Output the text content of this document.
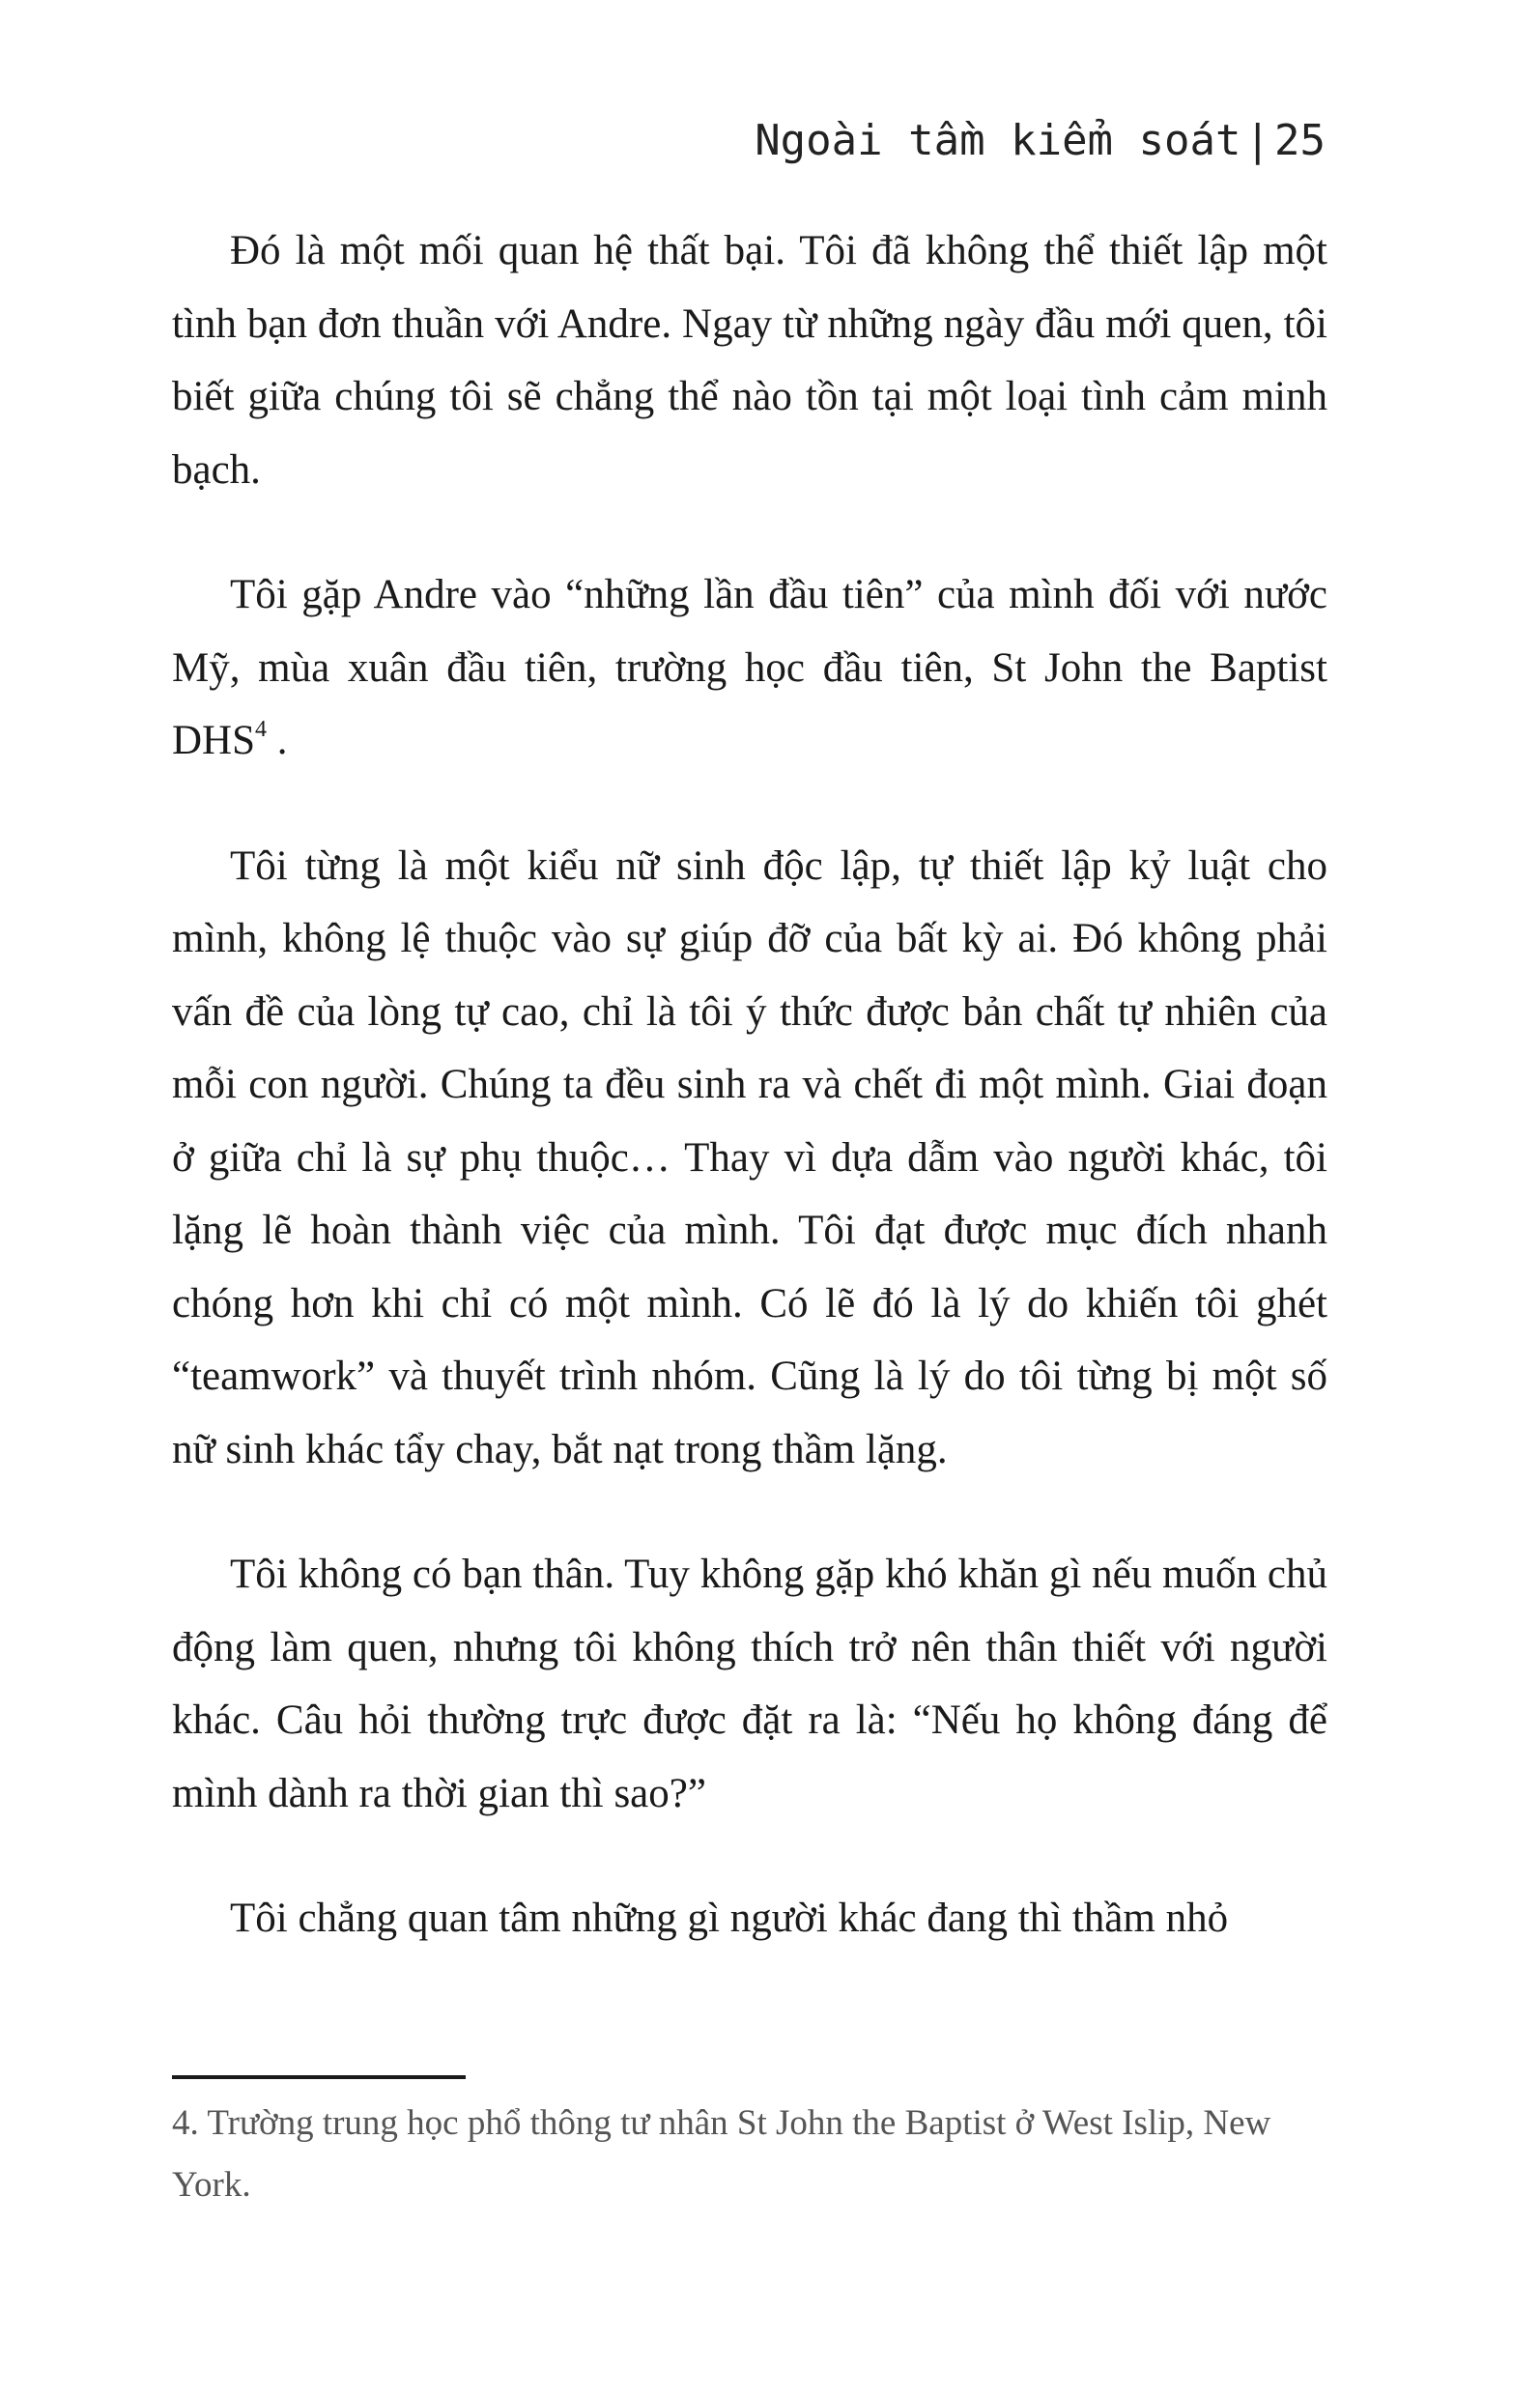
Ngoài tầm kiểm soát|25

Đó là một mối quan hệ thất bại. Tôi đã không thể thiết lập một tình bạn đơn thuần với Andre. Ngay từ những ngày đầu mới quen, tôi biết giữa chúng tôi sẽ chẳng thể nào tồn tại một loại tình cảm minh bạch.

Tôi gặp Andre vào “những lần đầu tiên” của mình đối với nước Mỹ, mùa xuân đầu tiên, trường học đầu tiên, St John the Baptist DHS$^4$ .

Tôi từng là một kiểu nữ sinh độc lập, tự thiết lập kỷ luật cho mình, không lệ thuộc vào sự giúp đỡ của bất kỳ ai. Đó không phải vấn đề của lòng tự cao, chỉ là tôi ý thức được bản chất tự nhiên của mỗi con người. Chúng ta đều sinh ra và chết đi một mình. Giai đoạn ở giữa chỉ là sự phụ thuộc… Thay vì dựa dẫm vào người khác, tôi lặng lẽ hoàn thành việc của mình. Tôi đạt được mục đích nhanh chóng hơn khi chỉ có một mình. Có lẽ đó là lý do khiến tôi ghét “teamwork” và thuyết trình nhóm. Cũng là lý do tôi từng bị một số nữ sinh khác tẩy chay, bắt nạt trong thầm lặng.

Tôi không có bạn thân. Tuy không gặp khó khăn gì nếu muốn chủ động làm quen, nhưng tôi không thích trở nên thân thiết với người khác. Câu hỏi thường trực được đặt ra là: “Nếu họ không đáng để mình dành ra thời gian thì sao?”

Tôi chẳng quan tâm những gì người khác đang thì thầm nhỏ

4. Trường trung học phổ thông tư nhân St John the Baptist ở West Islip, New York.
